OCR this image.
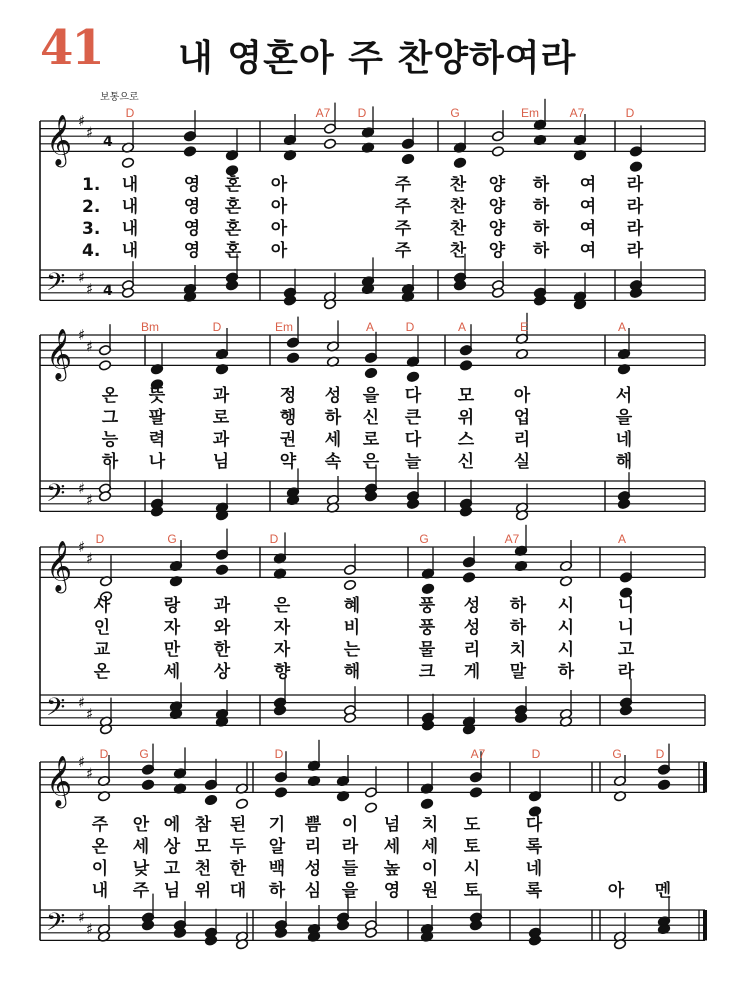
41 내 영혼아 주 찬양하여라
보통으로
𝄞
𝄢
♯
♯
♯
♯
4
4
D	A7 D	G	Em	A7	D
1.
2.
3.
4.
내	영 혼 아	주 찬 양 하 여 라
내	영 혼 아	주 찬 양 하 여 라
내	영 혼 아	주 찬 양 하 여 라
내	영 혼 아	주 찬 양 하 여 라
𝄞
𝄢
♯
♯
♯
♯
Bm	D	Em	A	D	A	E	A
온 뜻	과	정 성 을 다 모 아	서
그 팔	로	행 하 신 큰 위 업	을
능 력	과	권 세 로 다 스 리	네
하 나	님	약 속 은 늘 신 실	해
𝄞
𝄢
♯
♯
♯
♯
D	G	D	G	A7	A
사	랑 과	은	혜	풍 성 하 시	니
인	자 와	자	비	풍 성 하 시	니
교	만 한	자	는	물 리 치 시	고
온	세 상	향	해	크 게 말 하	라
𝄞
𝄢
♯
♯
♯
♯
D	G	D	A7	D	G	D
주 안 에 참 된 기 쁨 이 넘 치 도	다
온 세 상 모 두 알 리 라 세 세 토	록
이 낮 고 천 한 백 성 들 높 이 시	네
내 주 님 위 대 하 심 을 영 원 토	록	아 멘
